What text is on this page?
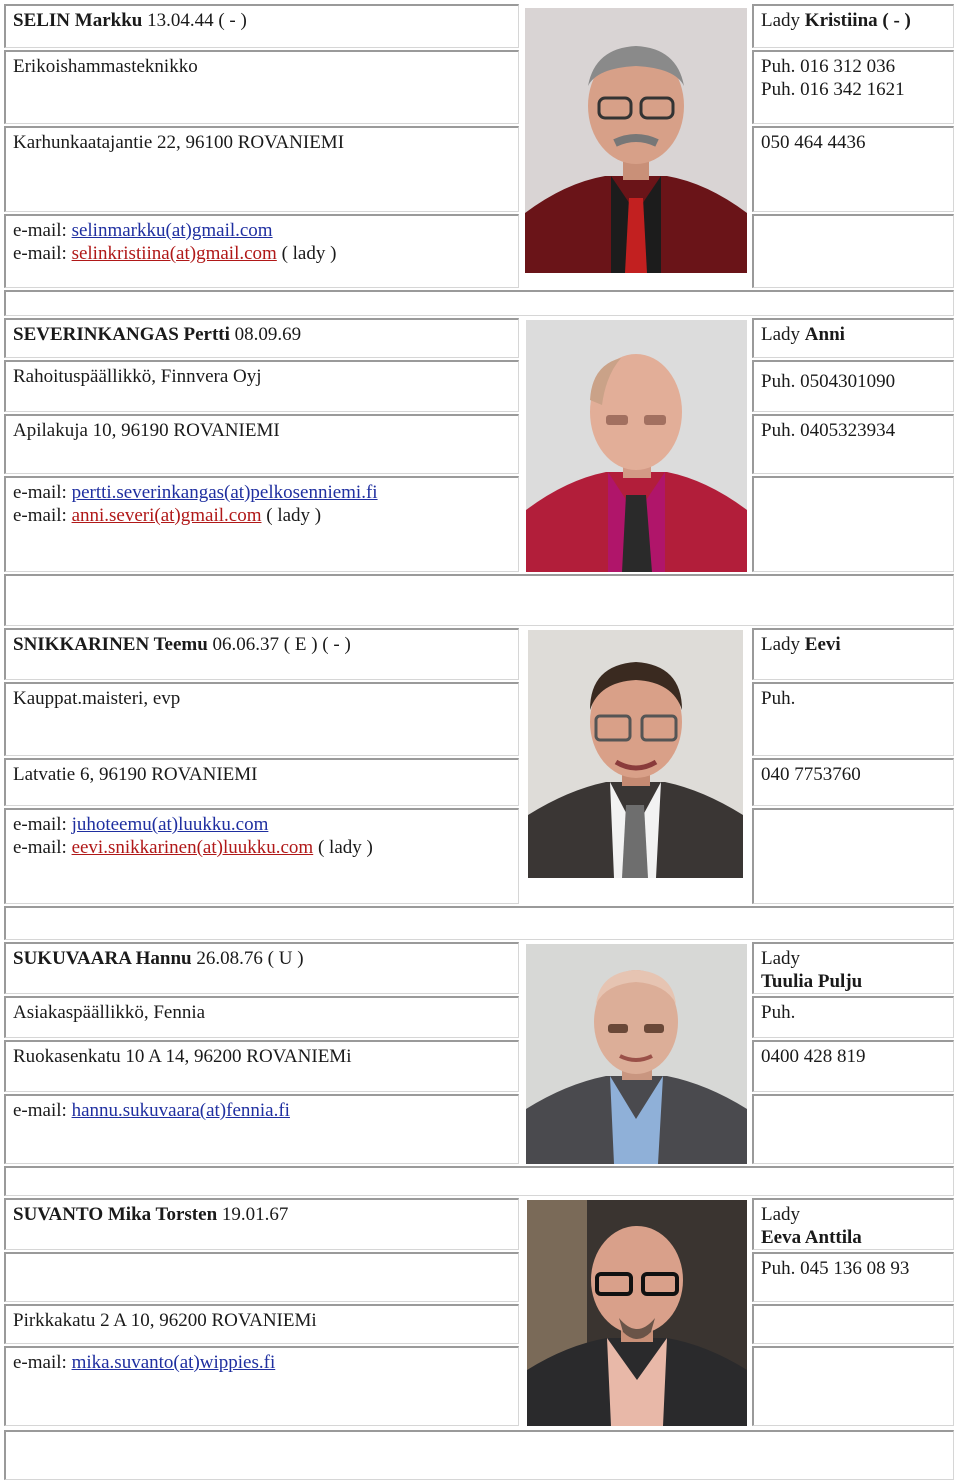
SELIN Markku 13.04.44 ( - )
Erikoishammasteknikko
Karhunkaatajantie 22, 96100 ROVANIEMI
e-mail: selinmarkku(at)gmail.com
e-mail: selinkristiina(at)gmail.com ( lady )
Lady Kristiina ( - )
Puh. 016 312 036
Puh. 016 342 1621
050 464 4436
SEVERINKANGAS Pertti 08.09.69
Rahoituspäällikkö, Finnvera Oyj
Apilakuja 10, 96190 ROVANIEMI
e-mail: pertti.severinkangas(at)pelkosenniemi.fi
e-mail: anni.severi(at)gmail.com ( lady )
Lady Anni
Puh. 0504301090
Puh. 0405323934
SNIKKARINEN Teemu 06.06.37 ( E ) ( - )
Kauppat.maisteri, evp
Latvatie 6, 96190 ROVANIEMI
e-mail: juhoteemu(at)luukku.com
e-mail: eevi.snikkarinen(at)luukku.com ( lady )
Lady Eevi
Puh.
040 7753760
SUKUVAARA Hannu 26.08.76 ( U )
Asiakaspäällikkö, Fennia
Ruokasenkatu 10 A 14, 96200 ROVANIEMi
e-mail: hannu.sukuvaara(at)fennia.fi
Lady
Tuulia Pulju
Puh.
0400 428 819
SUVANTO Mika Torsten 19.01.67
Pirkkakatu 2 A 10, 96200 ROVANIEMi
e-mail: mika.suvanto(at)wippies.fi
Lady
Eeva Anttila
Puh. 045 136 08 93
